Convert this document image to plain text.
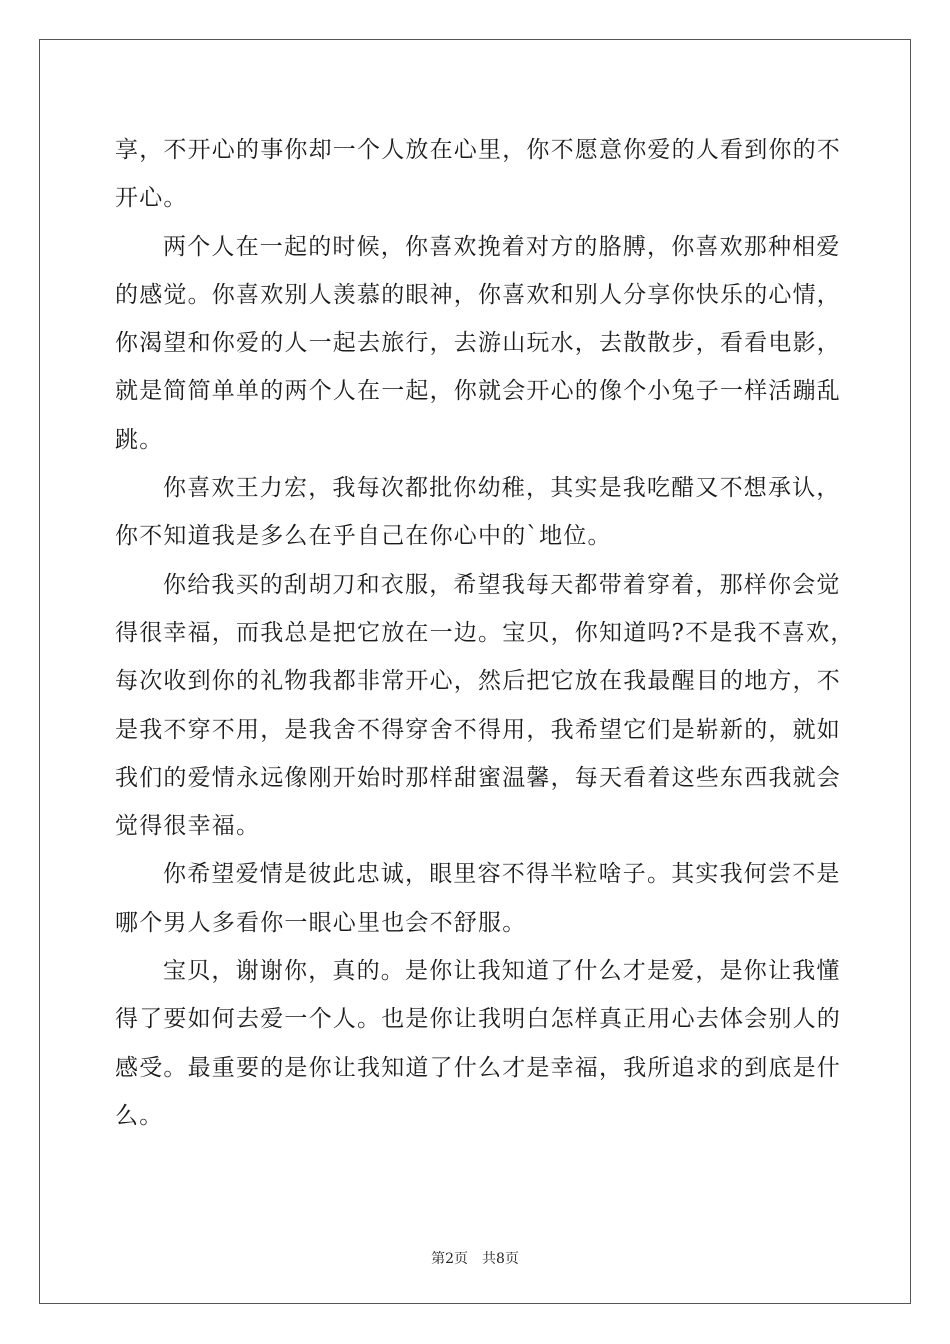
享，不开心的事你却一个人放在心里，你不愿意你爱的人看到你的不
开心。
两个人在一起的时候，你喜欢挽着对方的胳膊，你喜欢那种相爱
的感觉。你喜欢别人羡慕的眼神，你喜欢和别人分享你快乐的心情，
你渴望和你爱的人一起去旅行，去游山玩水，去散散步，看看电影，
就是简简单单的两个人在一起，你就会开心的像个小兔子一样活蹦乱
跳。
你喜欢王力宏，我每次都批你幼稚，其实是我吃醋又不想承认，
你不知道我是多么在乎自己在你心中的`地位。
你给我买的刮胡刀和衣服，希望我每天都带着穿着，那样你会觉
得很幸福，而我总是把它放在一边。宝贝，你知道吗?不是我不喜欢，
每次收到你的礼物我都非常开心，然后把它放在我最醒目的地方，不
是我不穿不用，是我舍不得穿舍不得用，我希望它们是崭新的，就如
我们的爱情永远像刚开始时那样甜蜜温馨，每天看着这些东西我就会
觉得很幸福。
你希望爱情是彼此忠诚，眼里容不得半粒啥子。其实我何尝不是
哪个男人多看你一眼心里也会不舒服。
宝贝，谢谢你，真的。是你让我知道了什么才是爱，是你让我懂
得了要如何去爱一个人。也是你让我明白怎样真正用心去体会别人的
感受。最重要的是你让我知道了什么才是幸福，我所追求的到底是什
么。
第2页 共8页
